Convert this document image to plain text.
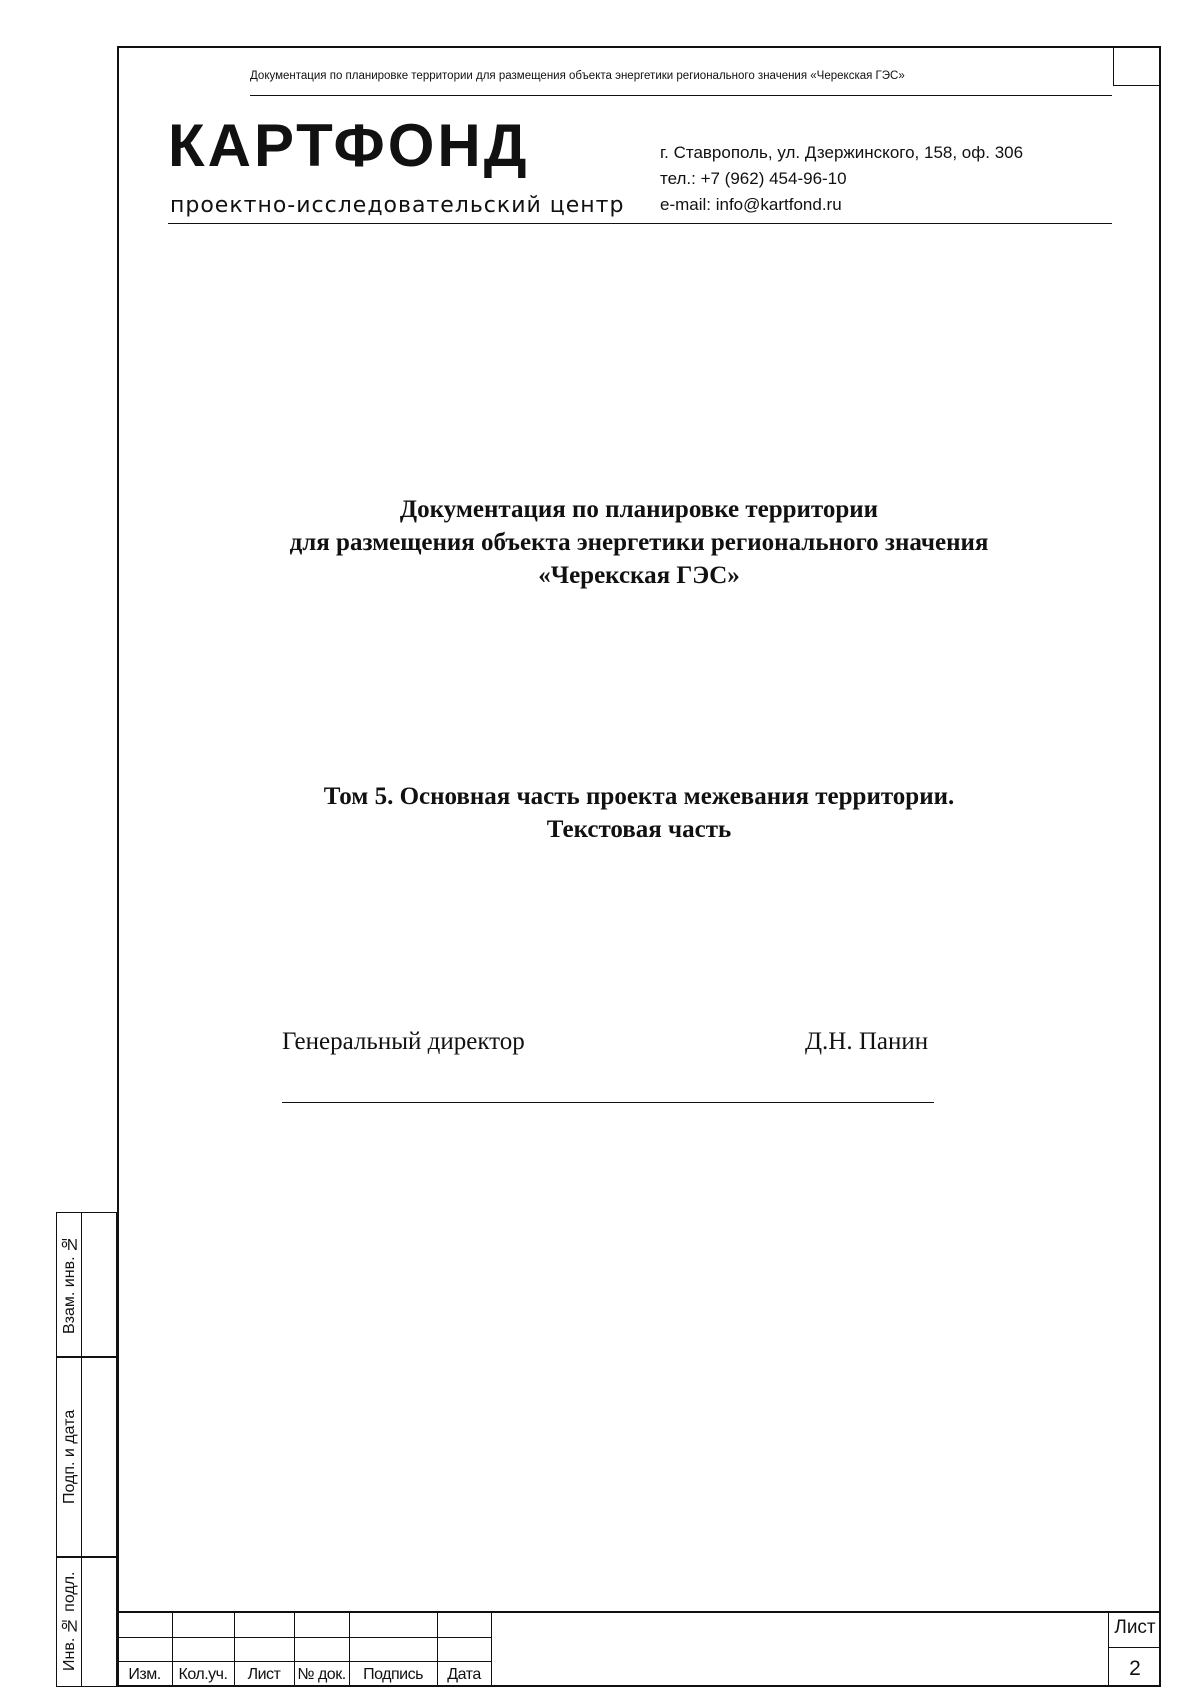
Документация по планировке территории для размещения объекта энергетики регионального значения «Черекская ГЭС»
КАРТФОНД
проектно-исследовательский центр
г. Ставрополь, ул. Дзержинского, 158, оф. 306
тел.: +7 (962) 454-96-10
e-mail: info@kartfond.ru
Документация по планировке территории
для размещения объекта энергетики регионального значения
«Черекская ГЭС»
Том 5. Основная часть проекта межевания территории.
Текстовая часть
Генеральный директор	Д.Н. Панин
Взам. инв. №
Подп. и дата
Инв. № подл.
Изм.	Кол.уч.	Лист	№ док.	Подпись	Дата
Лист
2
